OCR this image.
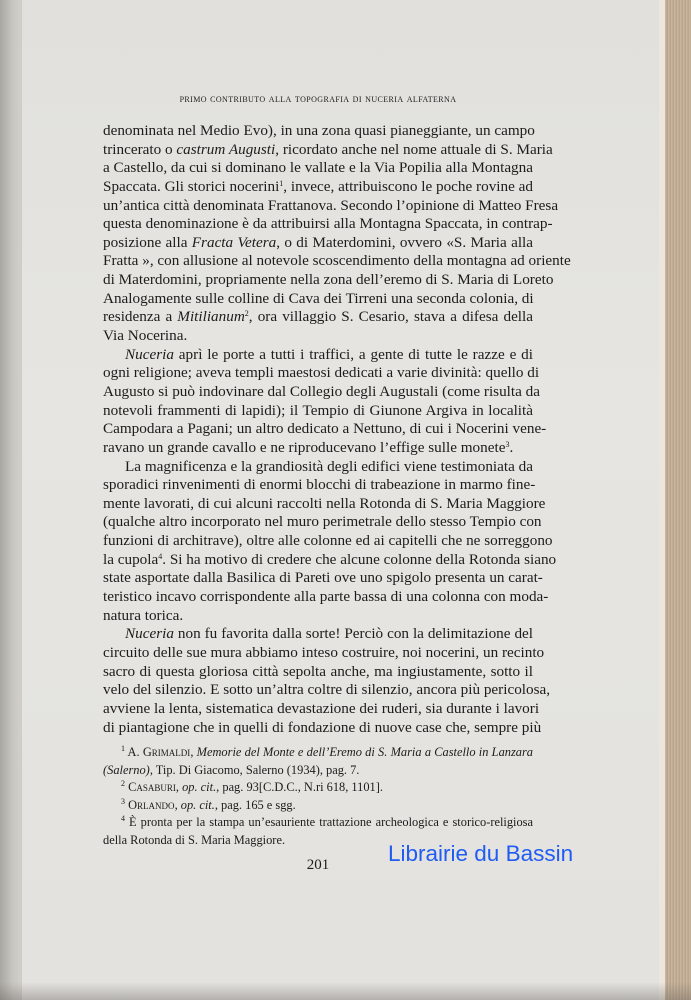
primo contributo alla topografia di nuceria alfaterna
denominata nel Medio Evo), in una zona quasi pianeggiante, un campo
trincerato o castrum Augusti, ricordato anche nel nome attuale di S. Maria
a Castello, da cui si dominano le vallate e la Via Popilia alla Montagna
Spaccata. Gli storici nocerini$^1$, invece, attribuiscono le poche rovine ad
un’antica città denominata Frattanova. Secondo l’opinione di Matteo Fresa
questa denominazione è da attribuirsi alla Montagna Spaccata, in contrap-
posizione alla Fracta Vetera, o di Materdomini, ovvero «S. Maria alla
Fratta », con allusione al notevole scoscendimento della montagna ad oriente
di Materdomini, propriamente nella zona dell’eremo di S. Maria di Loreto
Analogamente sulle colline di Cava dei Tirreni una seconda colonia, di
residenza a Mitilianum$^2$, ora villaggio S. Cesario, stava a difesa della
Via Nocerina.
Nuceria aprì le porte a tutti i traffici, a gente di tutte le razze e di
ogni religione; aveva templi maestosi dedicati a varie divinità: quello di
Augusto si può indovinare dal Collegio degli Augustali (come risulta da
notevoli frammenti di lapidi); il Tempio di Giunone Argiva in località
Campodara a Pagani; un altro dedicato a Nettuno, di cui i Nocerini vene-
ravano un grande cavallo e ne riproducevano l’effige sulle monete$^3$.
La magnificenza e la grandiosità degli edifici viene testimoniata da
sporadici rinvenimenti di enormi blocchi di trabeazione in marmo fine-
mente lavorati, di cui alcuni raccolti nella Rotonda di S. Maria Maggiore
(qualche altro incorporato nel muro perimetrale dello stesso Tempio con
funzioni di architrave), oltre alle colonne ed ai capitelli che ne sorreggono
la cupola$^4$. Si ha motivo di credere che alcune colonne della Rotonda siano
state asportate dalla Basilica di Pareti ove uno spigolo presenta un carat-
teristico incavo corrispondente alla parte bassa di una colonna con moda-
natura torica.
Nuceria non fu favorita dalla sorte! Perciò con la delimitazione del
circuito delle sue mura abbiamo inteso costruire, noi nocerini, un recinto
sacro di questa gloriosa città sepolta anche, ma ingiustamente, sotto il
velo del silenzio. E sotto un’altra coltre di silenzio, ancora più pericolosa,
avviene la lenta, sistematica devastazione dei ruderi, sia durante i lavori
di piantagione che in quelli di fondazione di nuove case che, sempre più
$^1$ A. Grimaldi, Memorie del Monte e dell’Eremo di S. Maria a Castello in Lanzara
(Salerno), Tip. Di Giacomo, Salerno (1934), pag. 7.
$^2$ Casaburi, op. cit., pag. 93[C.D.C., N.ri 618, 1101].
$^3$ Orlando, op. cit., pag. 165 e sgg.
$^4$ È pronta per la stampa un’esauriente trattazione archeologica e storico-religiosa
della Rotonda di S. Maria Maggiore.
201	Librairie du Bassin
